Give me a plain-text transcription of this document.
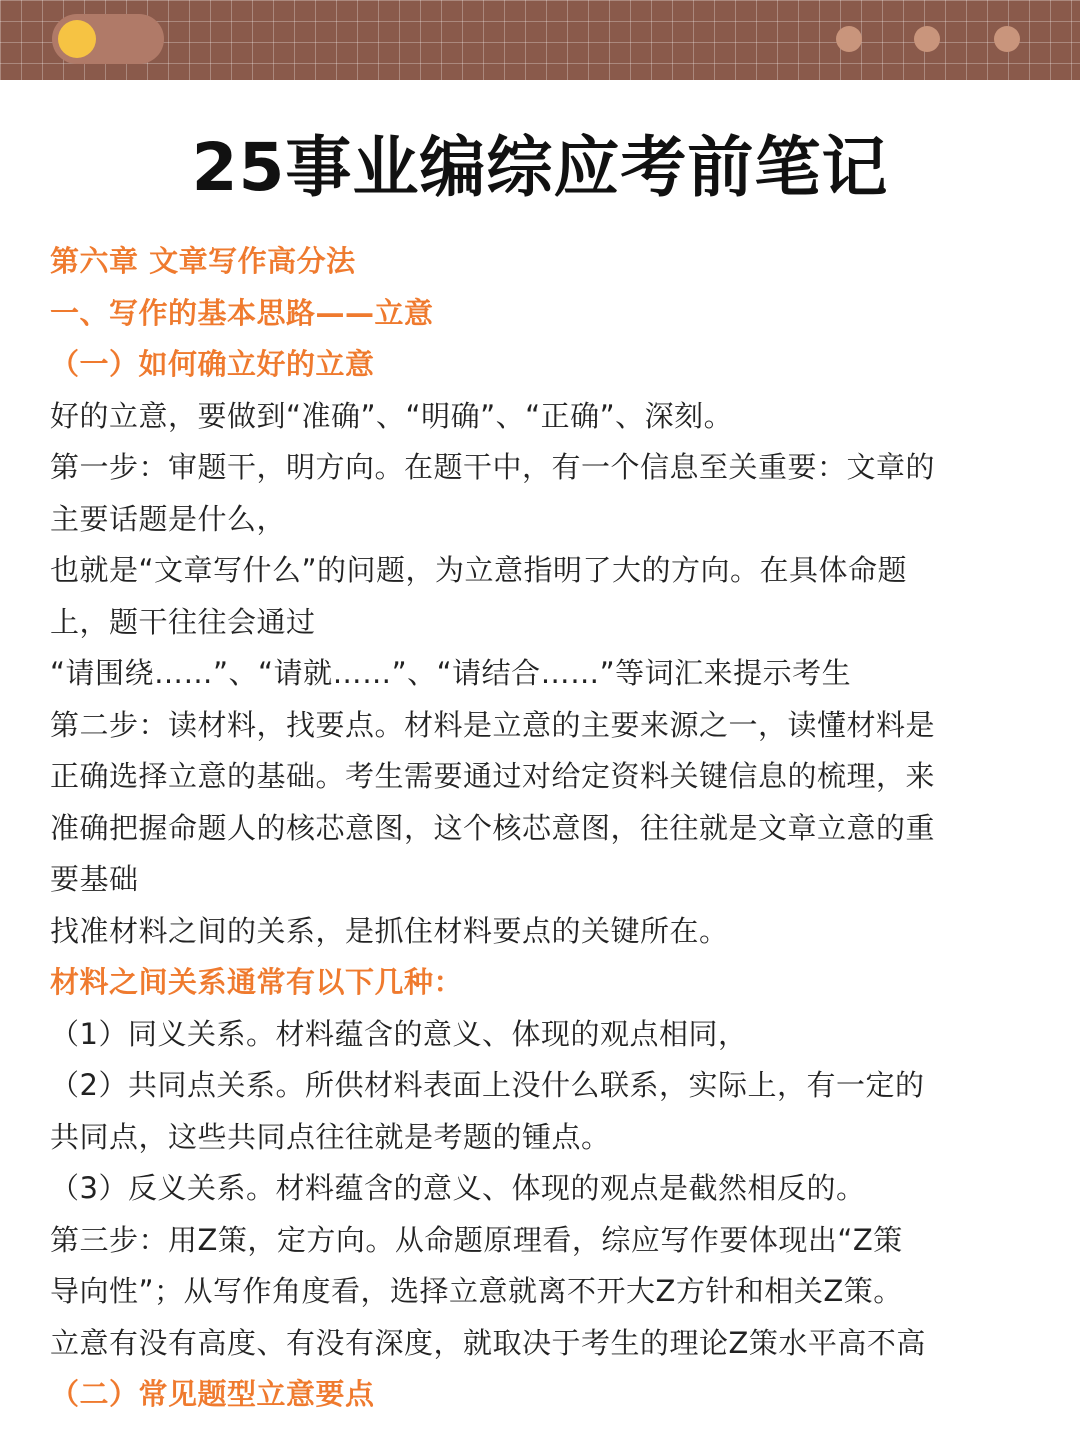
25事业编综应考前笔记
第六章 文章写作高分法
一、写作的基本思路——立意
（一）如何确立好的立意
好的立意，要做到“准确”、“明确”、“正确”、深刻。
第一步：审题干，明方向。在题干中，有一个信息至关重要：文章的
主要话题是什么，
也就是“文章写什么”的问题，为立意指明了大的方向。在具体命题
上，题干往往会通过
“请围绕……”、“请就……”、“请结合……”等词汇来提示考生
第二步：读材料，找要点。材料是立意的主要来源之一，读懂材料是
正确选择立意的基础。考生需要通过对给定资料关键信息的梳理，来
准确把握命题人的核芯意图，这个核芯意图，往往就是文章立意的重
要基础
找准材料之间的关系，是抓住材料要点的关键所在。
材料之间关系通常有以下几种：
（1）同义关系。材料蕴含的意义、体现的观点相同，
（2）共同点关系。所供材料表面上没什么联系，实际上，有一定的
共同点，这些共同点往往就是考题的锺点。
（3）反义关系。材料蕴含的意义、体现的观点是截然相反的。
第三步：用Z策，定方向。从命题原理看，综应写作要体现出“Z策
导向性”；从写作角度看，选择立意就离不开大Z方针和相关Z策。
立意有没有高度、有没有深度，就取决于考生的理论Z策水平高不高
（二）常见题型立意要点
